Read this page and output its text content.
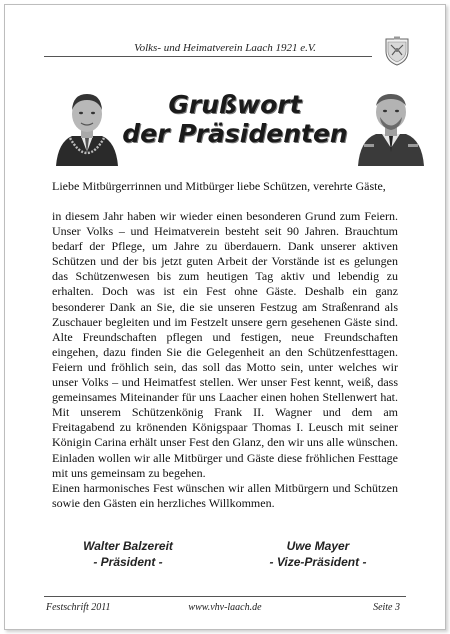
Volks- und Heimatverein Laach 1921 e.V.
Grußwort
der Präsidenten
Liebe Mitbürgerrinnen und Mitbürger liebe Schützen, verehrte Gäste,

in diesem Jahr haben wir wieder einen besonderen Grund zum Feiern. Unser Volks – und Heimatverein besteht seit 90 Jahren. Brauchtum bedarf der Pflege, um Jahre zu überdauern. Dank unserer aktiven Schützen und der bis jetzt guten Arbeit der Vorstände ist es gelungen das Schützenwesen bis zum heutigen Tag aktiv und lebendig zu erhalten. Doch was ist ein Fest ohne Gäste. Deshalb ein ganz besonderer Dank an Sie, die sie unseren Festzug am Straßenrand als Zuschauer begleiten und im Festzelt unsere gern gesehenen Gäste sind. Alte Freundschaften pflegen und festigen, neue Freundschaften eingehen, dazu finden Sie die Gelegenheit an den Schützenfesttagen. Feiern und fröhlich sein, das soll das Motto sein, unter welches wir unser Volks – und Heimatfest stellen. Wer unser Fest kennt, weiß, dass gemeinsames Miteinander für uns Laacher einen hohen Stellenwert hat. Mit unserem Schützenkönig Frank II. Wagner und dem am Freitagabend zu krönenden Königspaar Thomas I. Leusch mit seiner Königin Carina erhält unser Fest den Glanz, den wir uns alle wünschen. Einladen wollen wir alle Mitbürger und Gäste diese fröhlichen Festtage mit uns gemeinsam zu begehen.

Einen harmonisches Fest wünschen wir allen Mitbürgern und Schützen sowie den Gästen ein herzliches Willkommen.

Walter Balzereit
- Präsident -
Uwe Mayer
- Vize-Präsident -
Festschrift 2011	www.vhv-laach.de	Seite 3
